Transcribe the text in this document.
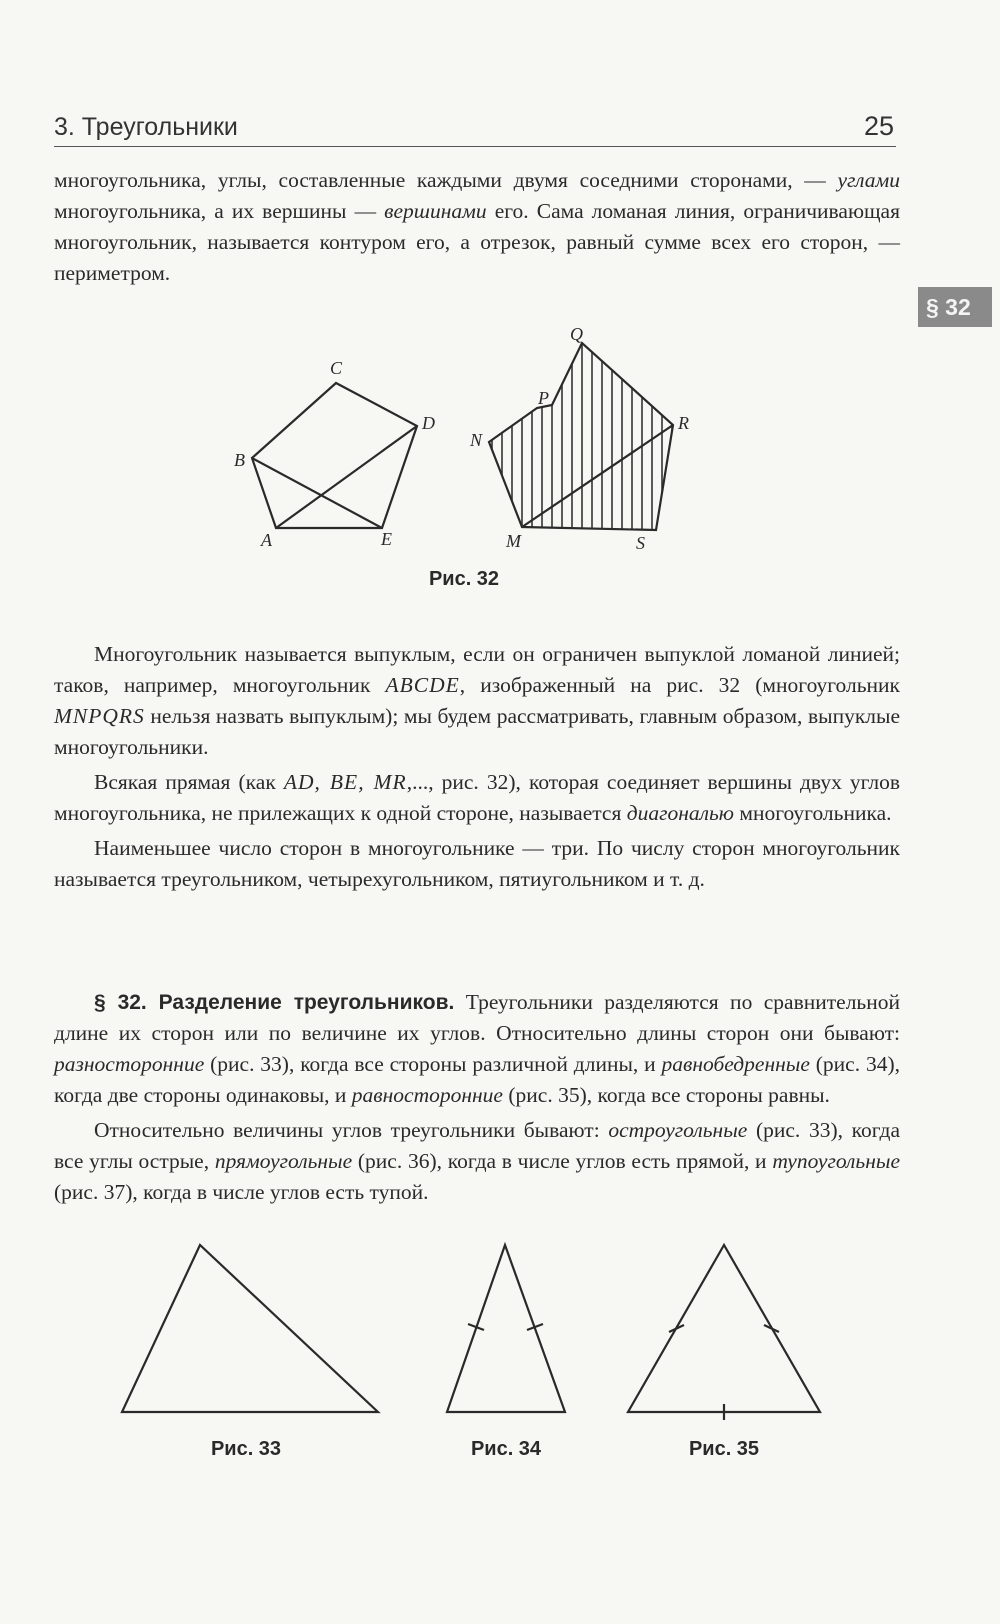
3. Треугольники	25
§ 32

многоугольника, углы, составленные каждыми двумя соседними сторонами, — углами многоугольника, а их вершины — вершинами его. Сама ломаная линия, ограничивающая многоугольник, называется контуром его, а отрезок, равный сумме всех его сторон, — периметром.

C
D
B
A	E
Q
P
N
R
M	S
Рис. 32

Многоугольник называется выпуклым, если он ограничен выпуклой ломаной линией; таков, например, многоугольник ABCDE, изображенный на рис. 32 (многоугольник MNPQRS нельзя назвать выпуклым); мы будем рассматривать, главным образом, выпуклые многоугольники.

Всякая прямая (как AD, BE, MR,..., рис. 32), которая соединяет вершины двух углов многоугольника, не прилежащих к одной стороне, называется диагональю многоугольника.

Наименьшее число сторон в многоугольнике — три. По числу сторон многоугольник называется треугольником, четырехугольником, пятиугольником и т. д.

§ 32. Разделение треугольников. Треугольники разделяются по сравнительной длине их сторон или по величине их углов. Относительно длины сторон они бывают: разносторонние (рис. 33), когда все стороны различной длины, и равнобедренные (рис. 34), когда две стороны одинаковы, и равносторонние (рис. 35), когда все стороны равны.

Относительно величины углов треугольники бывают: остроугольные (рис. 33), когда все углы острые, прямоугольные (рис. 36), когда в числе углов есть прямой, и тупоугольные (рис. 37), когда в числе углов есть тупой.

Рис. 33	Рис. 34	Рис. 35
